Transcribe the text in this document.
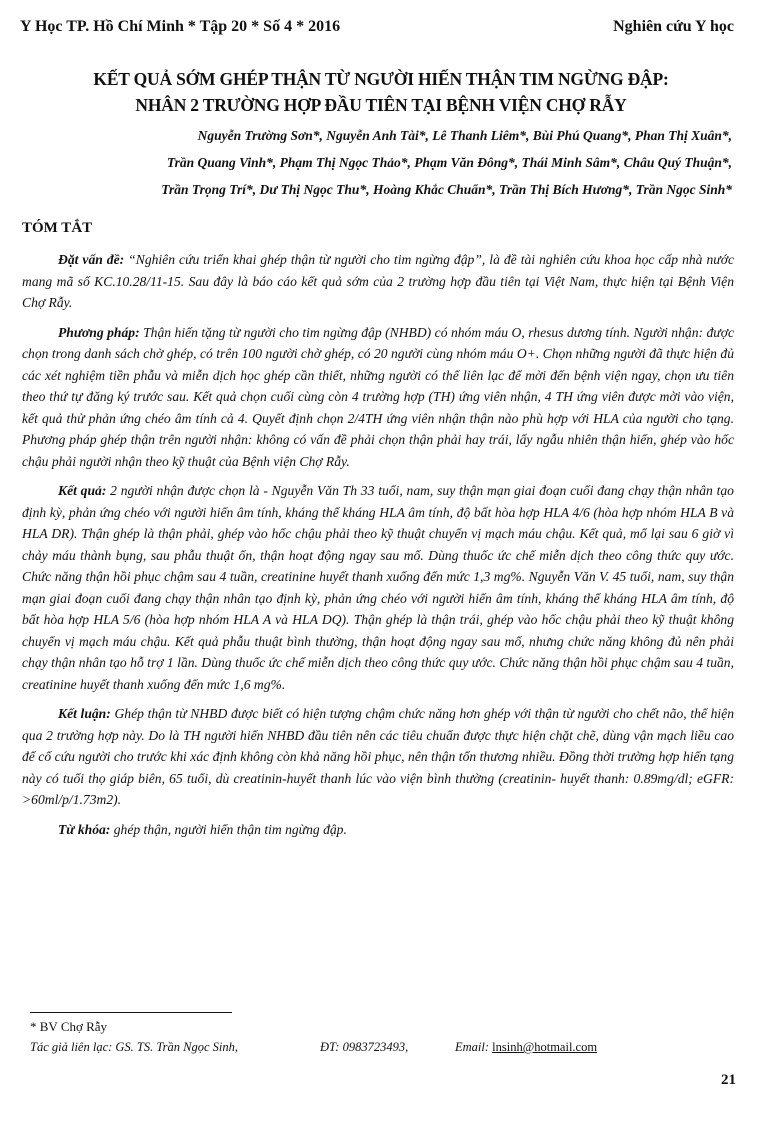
Y Học TP. Hồ Chí Minh * Tập 20 * Số 4 * 2016	Nghiên cứu Y học
KẾT QUẢ SỚM GHÉP THẬN TỪ NGƯỜI HIẾN THẬN TIM NGỪNG ĐẬP:
NHÂN 2 TRƯỜNG HỢP ĐẦU TIÊN TẠI BỆNH VIỆN CHỢ RẪY
Nguyễn Trường Sơn*, Nguyễn Anh Tài*, Lê Thanh Liêm*, Bùi Phú Quang*, Phan Thị Xuân*,
Trần Quang Vinh*, Phạm Thị Ngọc Thảo*, Phạm Văn Đông*, Thái Minh Sâm*, Châu Quý Thuận*,
Trần Trọng Trí*, Dư Thị Ngọc Thu*, Hoàng Khắc Chuẩn*, Trần Thị Bích Hương*, Trần Ngọc Sinh*
TÓM TẮT

Đặt vấn đề: “Nghiên cứu triển khai ghép thận từ người cho tim ngừng đập”, là đề tài nghiên cứu khoa học cấp nhà nước mang mã số KC.10.28/11-15. Sau đây là báo cáo kết quả sớm của 2 trường hợp đầu tiên tại Việt Nam, thực hiện tại Bệnh Viện Chợ Rẫy.

Phương pháp: Thận hiến tặng từ người cho tim ngừng đập (NHBD) có nhóm máu O, rhesus dương tính. Người nhận: được chọn trong danh sách chờ ghép, có trên 100 người chờ ghép, có 20 người cùng nhóm máu O+. Chọn những người đã thực hiện đủ các xét nghiệm tiền phẫu và miễn dịch học ghép cần thiết, những người có thể liên lạc để mời đến bệnh viện ngay, chọn ưu tiên theo thứ tự đăng ký trước sau. Kết quả chọn cuối cùng còn 4 trường hợp (TH) ứng viên nhận, 4 TH ứng viên được mời vào viện, kết quả thử phản ứng chéo âm tính cả 4. Quyết định chọn 2/4TH ứng viên nhận thận nào phù hợp với HLA của người cho tạng. Phương pháp ghép thận trên người nhận: không có vấn đề phải chọn thận phải hay trái, lấy ngẫu nhiên thận hiến, ghép vào hốc chậu phải người nhận theo kỹ thuật của Bệnh viện Chợ Rẫy.

Kết quả: 2 người nhận được chọn là - Nguyễn Văn Th 33 tuổi, nam, suy thận mạn giai đoạn cuối đang chạy thận nhân tạo định kỳ, phản ứng chéo với người hiến âm tính, kháng thể kháng HLA âm tính, độ bất hòa hợp HLA 4/6 (hòa hợp nhóm HLA B và HLA DR). Thận ghép là thận phải, ghép vào hốc chậu phải theo kỹ thuật chuyển vị mạch máu chậu. Kết quả, mổ lại sau 6 giờ vì chảy máu thành bụng, sau phẫu thuật ổn, thận hoạt động ngay sau mổ. Dùng thuốc ức chế miễn dịch theo công thức quy ước. Chức năng thận hồi phục chậm sau 4 tuần, creatinine huyết thanh xuống đến mức 1,3 mg%. Nguyễn Văn V. 45 tuổi, nam, suy thận mạn giai đoạn cuối đang chạy thận nhân tạo định kỳ, phản ứng chéo với người hiến âm tính, kháng thể kháng HLA âm tính, độ bất hòa hợp HLA 5/6 (hòa hợp nhóm HLA A và HLA DQ). Thận ghép là thận trái, ghép vào hốc chậu phải theo kỹ thuật không chuyển vị mạch máu chậu. Kết quả phẫu thuật bình thường, thận hoạt động ngay sau mổ, nhưng chức năng không đủ nên phải chạy thận nhân tạo hỗ trợ 1 lần. Dùng thuốc ức chế miễn dịch theo công thức quy ước. Chức năng thận hồi phục chậm sau 4 tuần, creatinine huyết thanh xuống đến mức 1,6 mg%.

Kết luận: Ghép thận từ NHBD được biết có hiện tượng chậm chức năng hơn ghép với thận từ người cho chết não, thể hiện qua 2 trường hợp này. Do là TH người hiến NHBD đầu tiên nên các tiêu chuẩn được thực hiện chặt chẽ, dùng vận mạch liều cao để cố cứu người cho trước khi xác định không còn khả năng hồi phục, nên thận tổn thương nhiều. Đồng thời trường hợp hiến tạng này có tuổi thọ giáp biên, 65 tuổi, dù creatinin-huyết thanh lúc vào viện bình thường (creatinin- huyết thanh: 0.89mg/dl; eGFR: >60ml/p/1.73m2).

Từ khóa: ghép thận, người hiến thận tim ngừng đập.

* BV Chợ Rẫy
Tác giả liên lạc: GS. TS. Trần Ngọc Sinh,	ĐT: 0983723493,	Email: lnsinh@hotmail.com
21
